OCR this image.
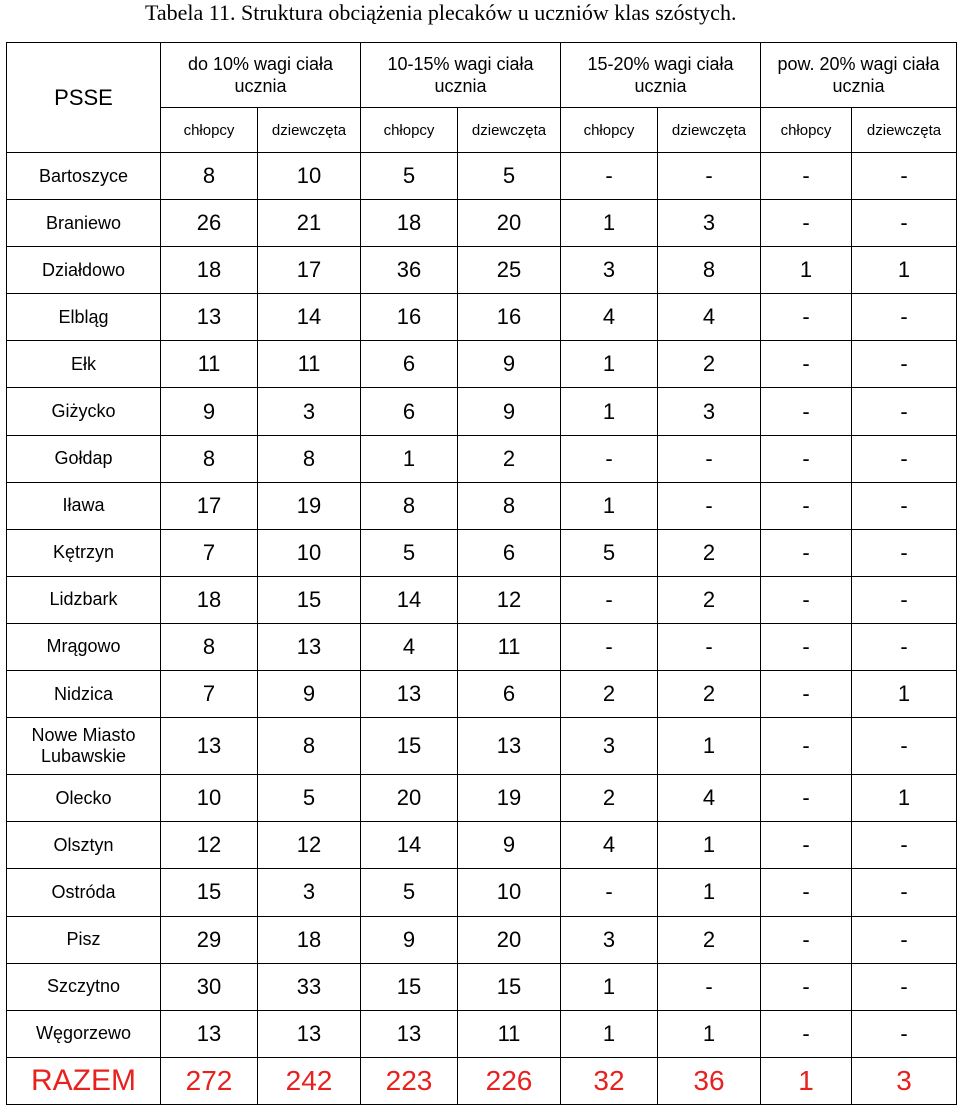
Tabela 11. Struktura obciążenia plecaków u uczniów klas szóstych.
PSSE	do 10% wagi ciała ucznia		10-15% wagi ciała ucznia		15-20% wagi ciała ucznia		pow. 20% wagi ciała ucznia	
	chłopcy	dziewczęta	chłopcy	dziewczęta	chłopcy	dziewczęta	chłopcy	dziewczęta
Bartoszyce	8	10	5	5	-	-	-	-
Braniewo	26	21	18	20	1	3	-	-
Działdowo	18	17	36	25	3	8	1	1
Elbląg	13	14	16	16	4	4	-	-
Ełk	11	11	6	9	1	2	-	-
Giżycko	9	3	6	9	1	3	-	-
Gołdap	8	8	1	2	-	-	-	-
Iława	17	19	8	8	1	-	-	-
Kętrzyn	7	10	5	6	5	2	-	-
Lidzbark	18	15	14	12	-	2	-	-
Mrągowo	8	13	4	11	-	-	-	-
Nidzica	7	9	13	6	2	2	-	1
Nowe Miasto Lubawskie	13	8	15	13	3	1	-	-
Olecko	10	5	20	19	2	4	-	1
Olsztyn	12	12	14	9	4	1	-	-
Ostróda	15	3	5	10	-	1	-	-
Pisz	29	18	9	20	3	2	-	-
Szczytno	30	33	15	15	1	-	-	-
Węgorzewo	13	13	13	11	1	1	-	-
RAZEM	272	242	223	226	32	36	1	3
